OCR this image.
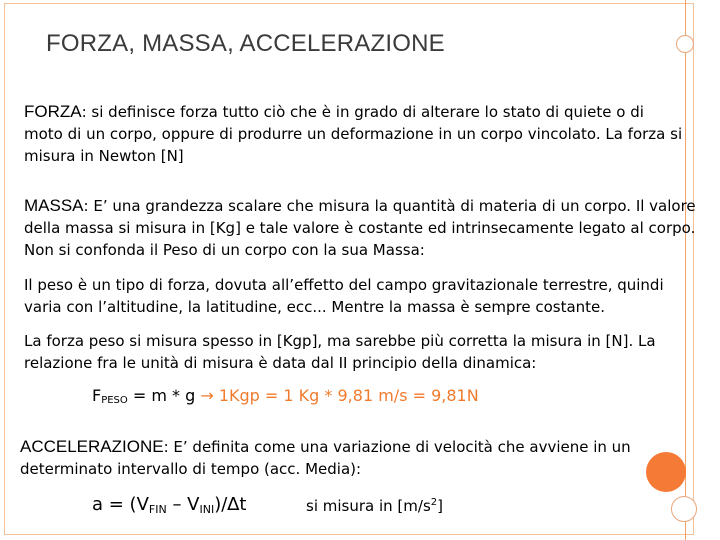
FORZA, MASSA, ACCELERAZIONE

FORZA: si definisce forza tutto ciò che è in grado di alterare lo stato di quiete o di moto di un corpo, oppure di produrre un deformazione in un corpo vincolato. La forza si misura in Newton [N]

MASSA: E’ una grandezza scalare che misura la quantità di materia di un corpo. Il valore della massa si misura in [Kg] e tale valore è costante ed intrinsecamente legato al corpo. Non si confonda il Peso di un corpo con la sua Massa:

Il peso è un tipo di forza, dovuta all’effetto del campo gravitazionale terrestre, quindi varia con l’altitudine, la latitudine, ecc... Mentre la massa è sempre costante.

La forza peso si misura spesso in [Kgp], ma sarebbe più corretta la misura in [N]. La relazione fra le unità di misura è data dal II principio della dinamica:

$F_{PESO} = m * g \to 1Kgp = 1$ Kg * 9,81 m/s = 9,81N

ACCELERAZIONE: E’ definita come una variazione di velocità che avviene in un determinato intervallo di tempo (acc. Media):

$a = (V_{FIN} - V_{INI})/\Delta t$	si misura in $[m/s^2]$
